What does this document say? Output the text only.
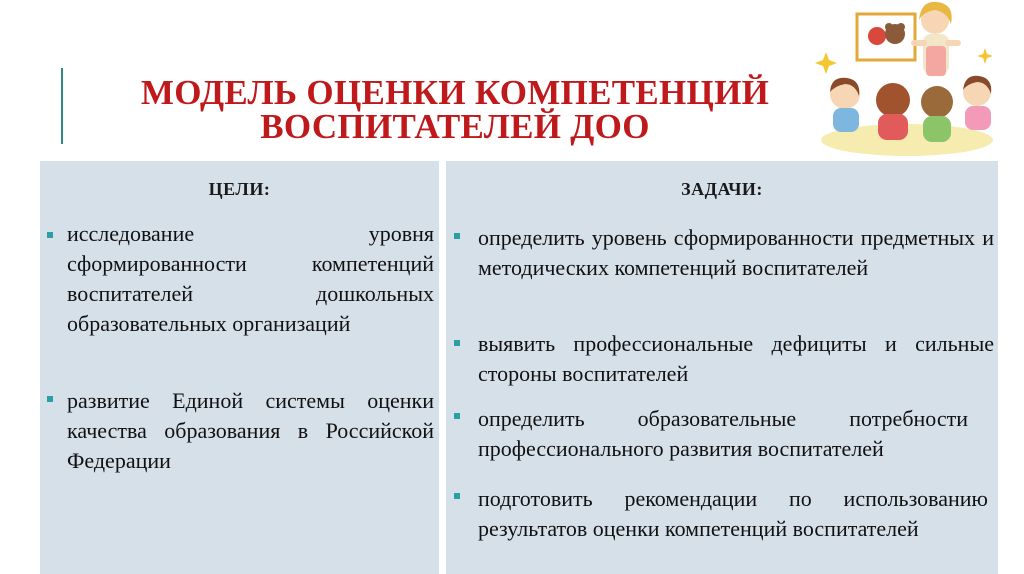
МОДЕЛЬ ОЦЕНКИ КОМПЕТЕНЦИЙ
ВОСПИТАТЕЛЕЙ ДОО
ЦЕЛИ:
исследование уровня сформированности компетенций воспитателей дошкольных образовательных организаций
развитие Единой системы оценки качества образования в Российской Федерации
ЗАДАЧИ:
определить уровень сформированности предметных и методических компетенций воспитателей
выявить профессиональные дефициты и сильные стороны воспитателей
определить образовательные потребности профессионального развития воспитателей
подготовить рекомендации по использованию результатов оценки компетенций воспитателей
